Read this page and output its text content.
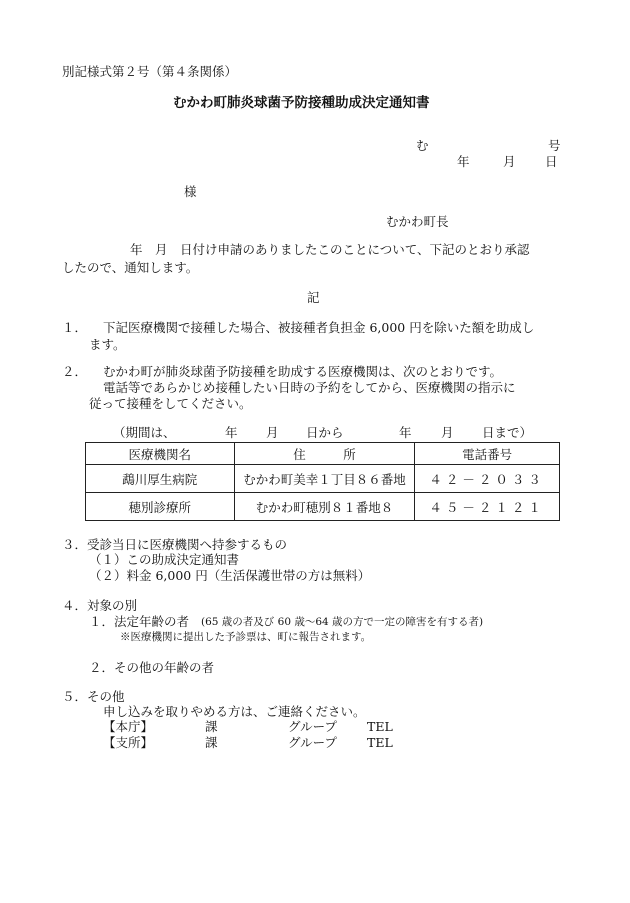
別記様式第２号（第４条関係）
むかわ町肺炎球菌予防接種助成決定通知書
む	号
年	月 日
様
むかわ町長
年　月　日付け申請のありましたこのことについて、下記のとおり承認
したので、通知します。
記
１． 下記医療機関で接種した場合、被接種者負担金 6,000 円を除いた額を助成し
ます。
２． むかわ町が肺炎球菌予防接種を助成する医療機関は、次のとおりです。
電話等であらかじめ接種したい日時の予約をしてから、医療機関の指示に
従って接種をしてください。
（期間は、	年 月 日から	年 月 日まで）
医療機関名	住　　　所	電話番号
鵡川厚生病院	むかわ町美幸１丁目８６番地	４２－２０３３
穂別診療所	むかわ町穂別８１番地８	４５－２１２１
３．受診当日に医療機関へ持参するもの
（１）この助成決定通知書
（２）料金 6,000 円（生活保護世帯の方は無料）
４．対象の別
１．法定年齢の者 (65 歳の者及び 60 歳～64 歳の方で一定の障害を有する者)
※医療機関に提出した予診票は、町に報告されます。
２．その他の年齢の者
５．その他
申し込みを取りやめる方は、ご連絡ください。
【本庁】	課	グループ TEL
【支所】	課	グループ TEL
